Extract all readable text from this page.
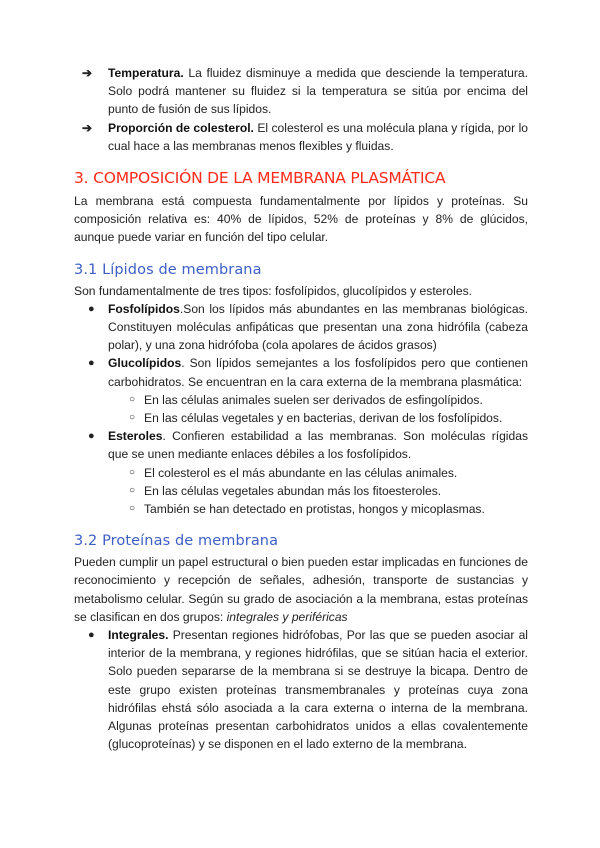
➔ Temperatura. La fluidez disminuye a medida que desciende la temperatura. Solo podrá mantener su fluidez si la temperatura se sitúa por encima del punto de fusión de sus lípidos.
➔ Proporción de colesterol. El colesterol es una molécula plana y rígida, por lo cual hace a las membranas menos flexibles y fluidas.
3. COMPOSICIÓN DE LA MEMBRANA PLASMÁTICA

La membrana está compuesta fundamentalmente por lípidos y proteínas. Su composición relativa es: 40% de lípidos, 52% de proteínas y 8% de glúcidos, aunque puede variar en función del tipo celular.

3.1 Lípidos de membrana

Son fundamentalmente de tres tipos: fosfolípidos, glucolípidos y esteroles.

● Fosfolípidos.Son los lípidos más abundantes en las membranas biológicas. Constituyen moléculas anfipáticas que presentan una zona hidrófila (cabeza polar), y una zona hidrófoba (cola apolares de ácidos grasos)
● Glucolípidos. Son lípidos semejantes a los fosfolípidos pero que contienen carbohidratos. Se encuentran en la cara externa de la membrana plasmática:
○ En las células animales suelen ser derivados de esfingolípidos.
○ En las células vegetales y en bacterias, derivan de los fosfolípidos.
● Esteroles. Confieren estabilidad a las membranas. Son moléculas rígidas que se unen mediante enlaces débiles a los fosfolípidos.
○ El colesterol es el más abundante en las células animales.
○ En las células vegetales abundan más los fitoesteroles.
○ También se han detectado en protistas, hongos y micoplasmas.
3.2 Proteínas de membrana

Pueden cumplir un papel estructural o bien pueden estar implicadas en funciones de reconocimiento y recepción de señales, adhesión, transporte de sustancias y metabolismo celular. Según su grado de asociación a la membrana, estas proteínas se clasifican en dos grupos: integrales y periféricas

● Integrales. Presentan regiones hidrófobas, Por las que se pueden asociar al interior de la membrana, y regiones hidrófilas, que se sitúan hacia el exterior. Solo pueden separarse de la membrana si se destruye la bicapa. Dentro de este grupo existen proteínas transmembranales y proteínas cuya zona hidrófilas ehstá sólo asociada a la cara externa o interna de la membrana. Algunas proteínas presentan carbohidratos unidos a ellas covalentemente (glucoproteínas) y se disponen en el lado externo de la membrana.
